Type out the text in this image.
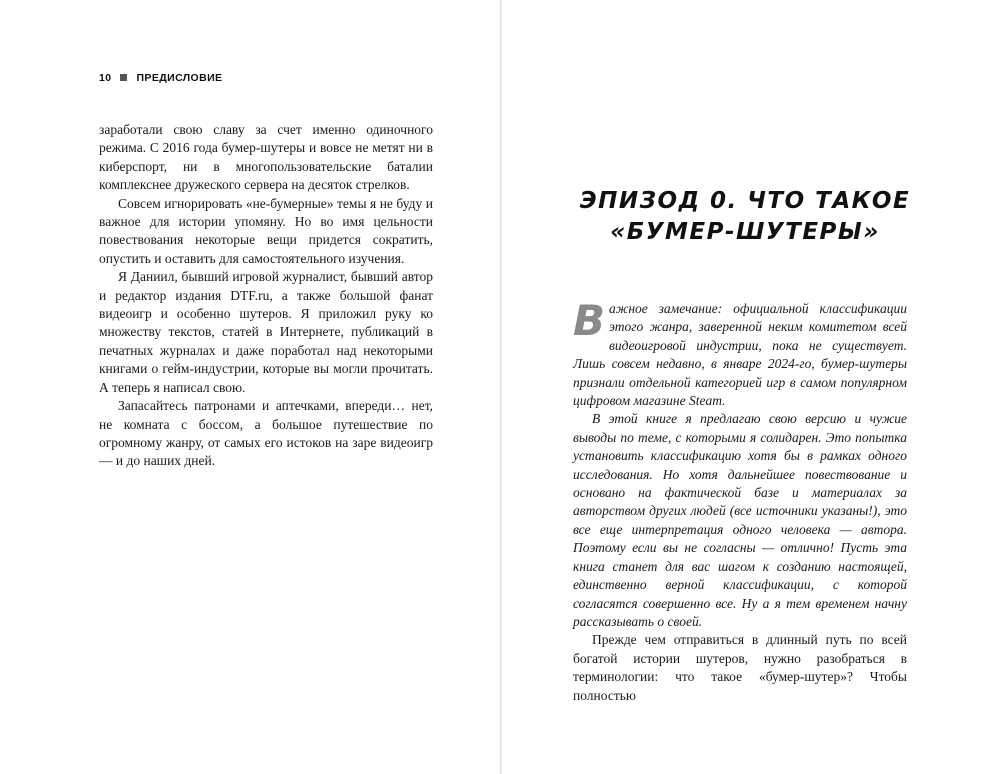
10 ПРЕДИСЛОВИЕ

заработали свою славу за счет именно одиночного режима. С 2016 года бумер-шутеры и вовсе не метят ни в киберспорт, ни в многопользовательские баталии комплекснее дружеского сервера на десяток стрелков.

Совсем игнорировать «не-бумерные» темы я не буду и важное для истории упомяну. Но во имя цельности повествования некоторые вещи придется сократить, опустить и оставить для самостоятельного изучения.

Я Даниил, бывший игровой журналист, бывший автор и редактор издания DTF.ru, а также большой фанат видеоигр и особенно шутеров. Я приложил руку ко множеству текстов, статей в Интернете, публикаций в печатных журналах и даже поработал над некоторыми книгами о гейм-индустрии, которые вы могли прочитать. А теперь я написал свою.

Запасайтесь патронами и аптечками, впереди… нет, не комната с боссом, а большое путешествие по огромному жанру, от самых его истоков на заре видеоигр — и до наших дней.

ЭПИЗОД 0. ЧТО ТАКОЕ
«БУМЕР-ШУТЕРЫ»

Важное замечание: официальной классификации этого жанра, заверенной неким комитетом всей видеоигровой индустрии, пока не существует. Лишь совсем недавно, в январе 2024-го, бумер-шутеры признали отдельной категорией игр в самом популярном цифровом магазине Steam.

В этой книге я предлагаю свою версию и чужие выводы по теме, с которыми я солидарен. Это попытка установить классификацию хотя бы в рамках одного исследования. Но хотя дальнейшее повествование и основано на фактической базе и материалах за авторством других людей (все источники указаны!), это все еще интерпретация одного человека — автора. Поэтому если вы не согласны — отлично! Пусть эта книга станет для вас шагом к созданию настоящей, единственно верной классификации, с которой согласятся совершенно все. Ну а я тем временем начну рассказывать о своей.

Прежде чем отправиться в длинный путь по всей богатой истории шутеров, нужно разобраться в терминологии: что такое «бумер-шутер»? Чтобы полностью
